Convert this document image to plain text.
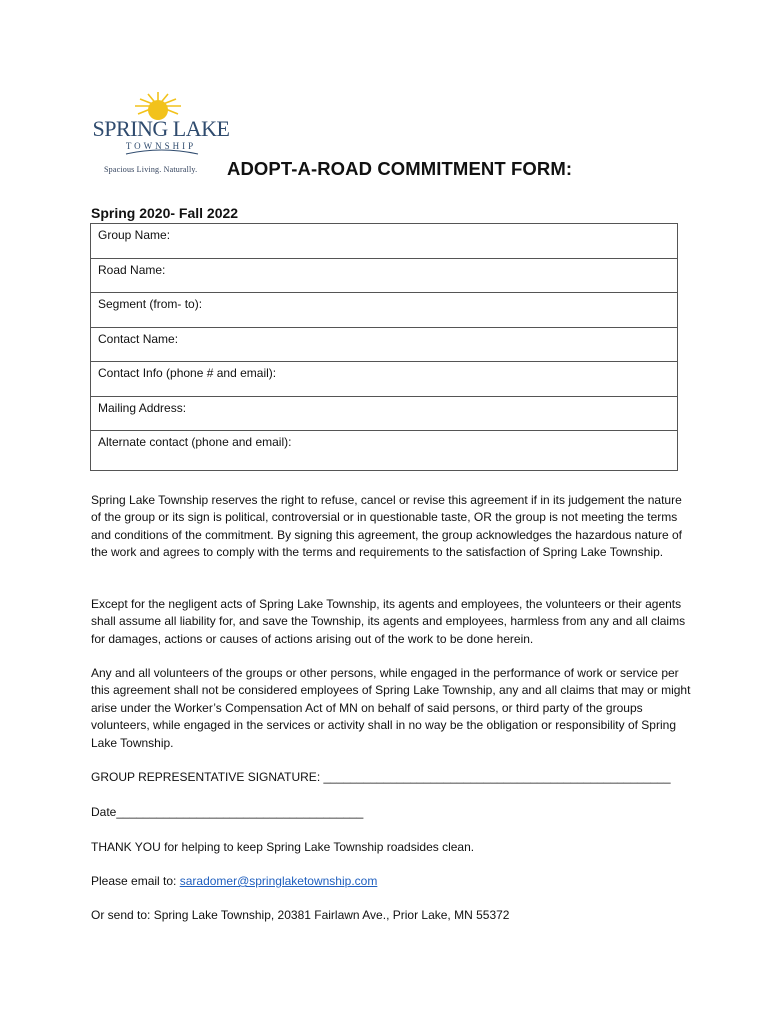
SPRING LAKE
TOWNSHIP
Spacious Living. Naturally.	ADOPT-A-ROAD COMMITMENT FORM:
Spring 2020- Fall 2022
Group Name:
Road Name:
Segment (from- to):
Contact Name:
Contact Info (phone # and email):
Mailing Address:
Alternate contact (phone and email):

Spring Lake Township reserves the right to refuse, cancel or revise this agreement if in its judgement the nature of the group or its sign is political, controversial or in questionable taste, OR the group is not meeting the terms and conditions of the commitment. By signing this agreement, the group acknowledges the hazardous nature of the work and agrees to comply with the terms and requirements to the satisfaction of Spring Lake Township.

Except for the negligent acts of Spring Lake Township, its agents and employees, the volunteers or their agents shall assume all liability for, and save the Township, its agents and employees, harmless from any and all claims for damages, actions or causes of actions arising out of the work to be done herein.

Any and all volunteers of the groups or other persons, while engaged in the performance of work or service per this agreement shall not be considered employees of Spring Lake Township, any and all claims that may or might arise under the Worker’s Compensation Act of MN on behalf of said persons, or third party of the groups volunteers, while engaged in the services or activity shall in no way be the obligation or responsibility of Spring Lake Township.

GROUP REPRESENTATIVE SIGNATURE: ____________________________________________________
Date_____________________________________
THANK YOU for helping to keep Spring Lake Township roadsides clean.
Please email to: saradomer@springlaketownship.com
Or send to: Spring Lake Township, 20381 Fairlawn Ave., Prior Lake, MN 55372
